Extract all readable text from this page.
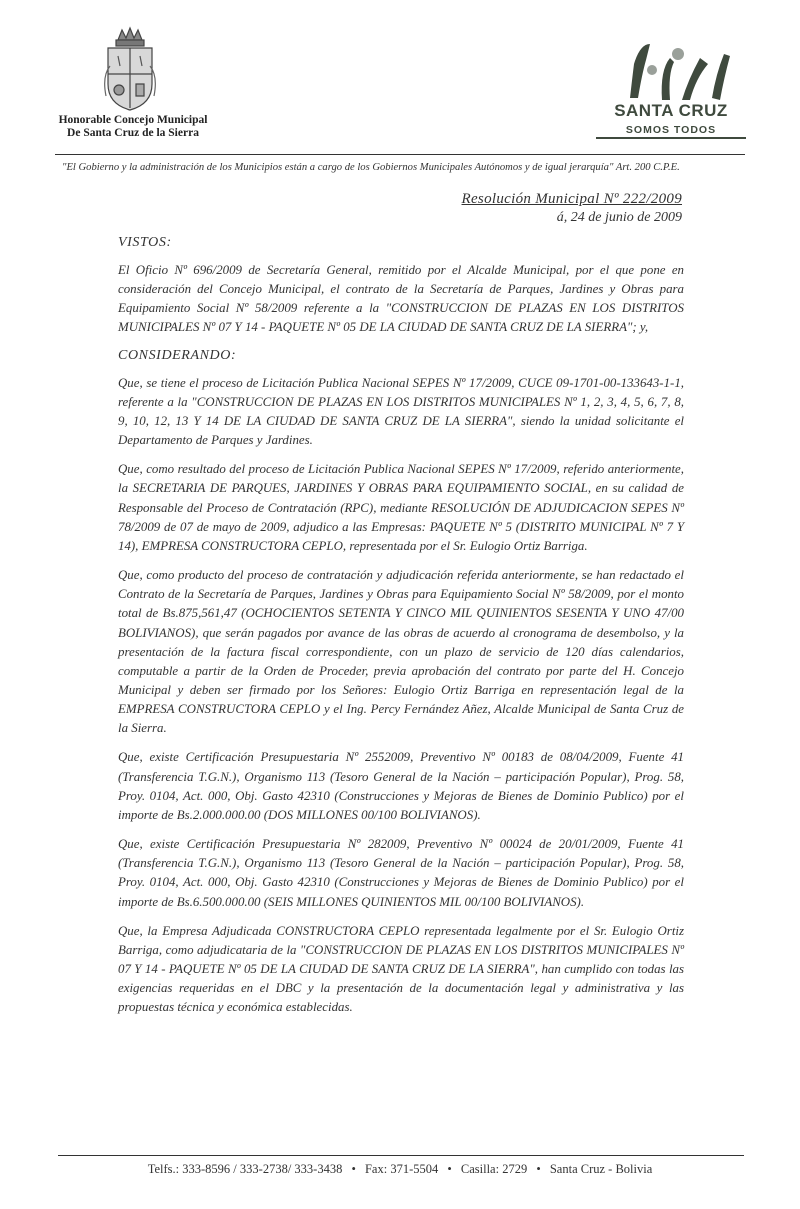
Honorable Concejo Municipal
De Santa Cruz de la Sierra
SANTA CRUZ
SOMOS TODOS
"El Gobierno y la administración de los Municipios están a cargo de los Gobiernos Municipales Autónomos y de igual jerarquía" Art. 200 C.P.E.
Resolución Municipal Nº 222/2009
á, 24 de junio de 2009

VISTOS:

El Oficio Nº 696/2009 de Secretaría General, remitido por el Alcalde Municipal, por el que pone en consideración del Concejo Municipal, el contrato de la Secretaría de Parques, Jardines y Obras para Equipamiento Social Nº 58/2009 referente a la "CONSTRUCCION DE PLAZAS EN LOS DISTRITOS MUNICIPALES Nº 07 Y 14 - PAQUETE Nº 05 DE LA CIUDAD DE SANTA CRUZ DE LA SIERRA"; y,

CONSIDERANDO:

Que, se tiene el proceso de Licitación Publica Nacional SEPES Nº 17/2009, CUCE 09-1701-00-133643-1-1, referente a la "CONSTRUCCION DE PLAZAS EN LOS DISTRITOS MUNICIPALES Nº 1, 2, 3, 4, 5, 6, 7, 8, 9, 10, 12, 13 Y 14 DE LA CIUDAD DE SANTA CRUZ DE LA SIERRA", siendo la unidad solicitante el Departamento de Parques y Jardines.

Que, como resultado del proceso de Licitación Publica Nacional SEPES Nº 17/2009, referido anteriormente, la SECRETARIA DE PARQUES, JARDINES Y OBRAS PARA EQUIPAMIENTO SOCIAL, en su calidad de Responsable del Proceso de Contratación (RPC), mediante RESOLUCIÓN DE ADJUDICACION SEPES Nº 78/2009 de 07 de mayo de 2009, adjudico a las Empresas: PAQUETE Nº 5 (DISTRITO MUNICIPAL Nº 7 Y 14), EMPRESA CONSTRUCTORA CEPLO, representada por el Sr. Eulogio Ortiz Barriga.

Que, como producto del proceso de contratación y adjudicación referida anteriormente, se han redactado el Contrato de la Secretaría de Parques, Jardines y Obras para Equipamiento Social Nº 58/2009, por el monto total de Bs.875,561,47 (OCHOCIENTOS SETENTA Y CINCO MIL QUINIENTOS SESENTA Y UNO 47/00 BOLIVIANOS), que serán pagados por avance de las obras de acuerdo al cronograma de desembolso, y la presentación de la factura fiscal correspondiente, con un plazo de servicio de 120 días calendarios, computable a partir de la Orden de Proceder, previa aprobación del contrato por parte del H. Concejo Municipal y deben ser firmado por los Señores: Eulogio Ortiz Barriga en representación legal de la EMPRESA CONSTRUCTORA CEPLO y el Ing. Percy Fernández Añez, Alcalde Municipal de Santa Cruz de la Sierra.

Que, existe Certificación Presupuestaria Nº 2552009, Preventivo Nº 00183 de 08/04/2009, Fuente 41 (Transferencia T.G.N.), Organismo 113 (Tesoro General de la Nación – participación Popular), Prog. 58, Proy. 0104, Act. 000, Obj. Gasto 42310 (Construcciones y Mejoras de Bienes de Dominio Publico) por el importe de Bs.2.000.000.00 (DOS MILLONES 00/100 BOLIVIANOS).

Que, existe Certificación Presupuestaria Nº 282009, Preventivo Nº 00024 de 20/01/2009, Fuente 41 (Transferencia T.G.N.), Organismo 113 (Tesoro General de la Nación – participación Popular), Prog. 58, Proy. 0104, Act. 000, Obj. Gasto 42310 (Construcciones y Mejoras de Bienes de Dominio Publico) por el importe de Bs.6.500.000.00 (SEIS MILLONES QUINIENTOS MIL 00/100 BOLIVIANOS).

Que, la Empresa Adjudicada CONSTRUCTORA CEPLO representada legalmente por el Sr. Eulogio Ortiz Barriga, como adjudicataria de la "CONSTRUCCION DE PLAZAS EN LOS DISTRITOS MUNICIPALES Nº 07 Y 14 - PAQUETE Nº 05 DE LA CIUDAD DE SANTA CRUZ DE LA SIERRA", han cumplido con todas las exigencias requeridas en el DBC y la presentación de la documentación legal y administrativa y las propuestas técnica y económica establecidas.

Telfs.: 333-8596 / 333-2738/ 333-3438 • Fax: 371-5504 • Casilla: 2729 • Santa Cruz - Bolivia
